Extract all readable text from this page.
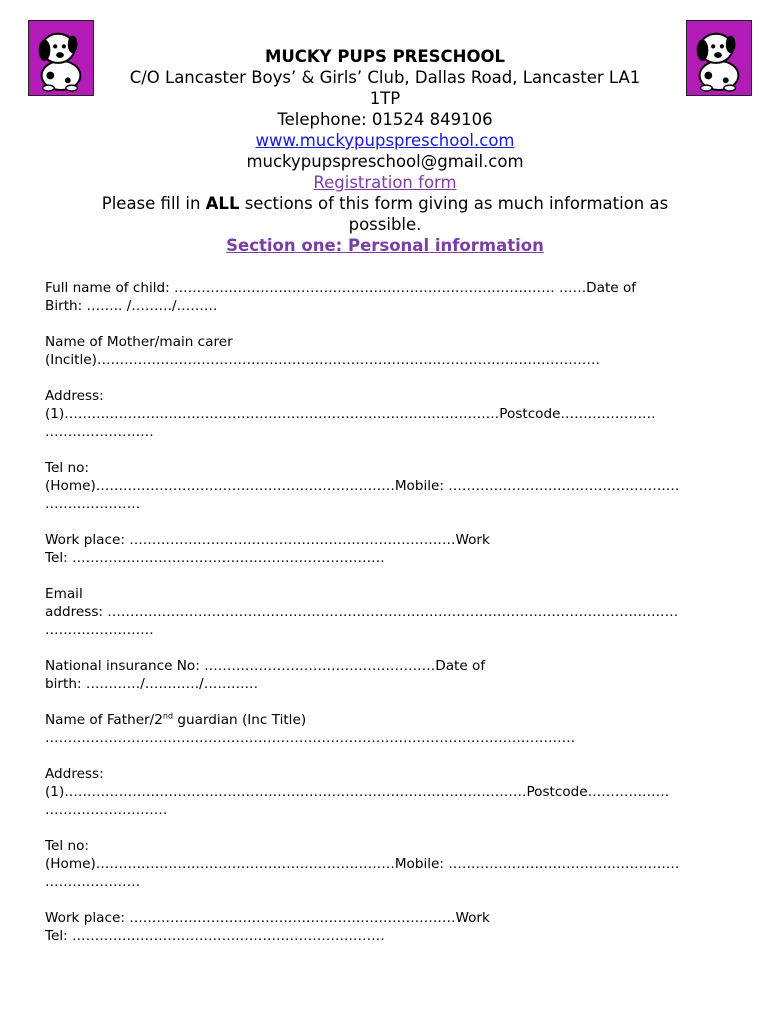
MUCKY PUPS PRESCHOOL
C/O Lancaster Boys’ & Girls’ Club, Dallas Road, Lancaster LA1
1TP
Telephone: 01524 849106
www.muckypupspreschool.com
muckypupspreschool@gmail.com
Registration form
Please fill in ALL sections of this form giving as much information as
possible.
Section one: Personal information
Full name of child: ………………………………………………………………………… ……Date of
Birth: …….. /………/………
Name of Mother/main carer
(Incitle)…………………………………………………………………………………………………
Address:
(1)……………………………………………………………………………………Postcode…………………
……………………
Tel no:
(Home)…………………………………………………………Mobile: ……………………………………………
…………………
Work place: ………………………………………………………………Work
Tel: ……………………………………………………………
Email
address: ………………………………………………………………………………………………………………
……………………
National insurance No: ……………………………………………Date of
birth: …………/…………/…………
Name of Father/2nd guardian (Inc Title)
………………………………………………………………………………………………………
Address:
(1)…………………………………………………………………………………………Postcode………………
………………………
Tel no:
(Home)…………………………………………………………Mobile: ……………………………………………
…………………
Work place: ………………………………………………………………Work
Tel: ……………………………………………………………
